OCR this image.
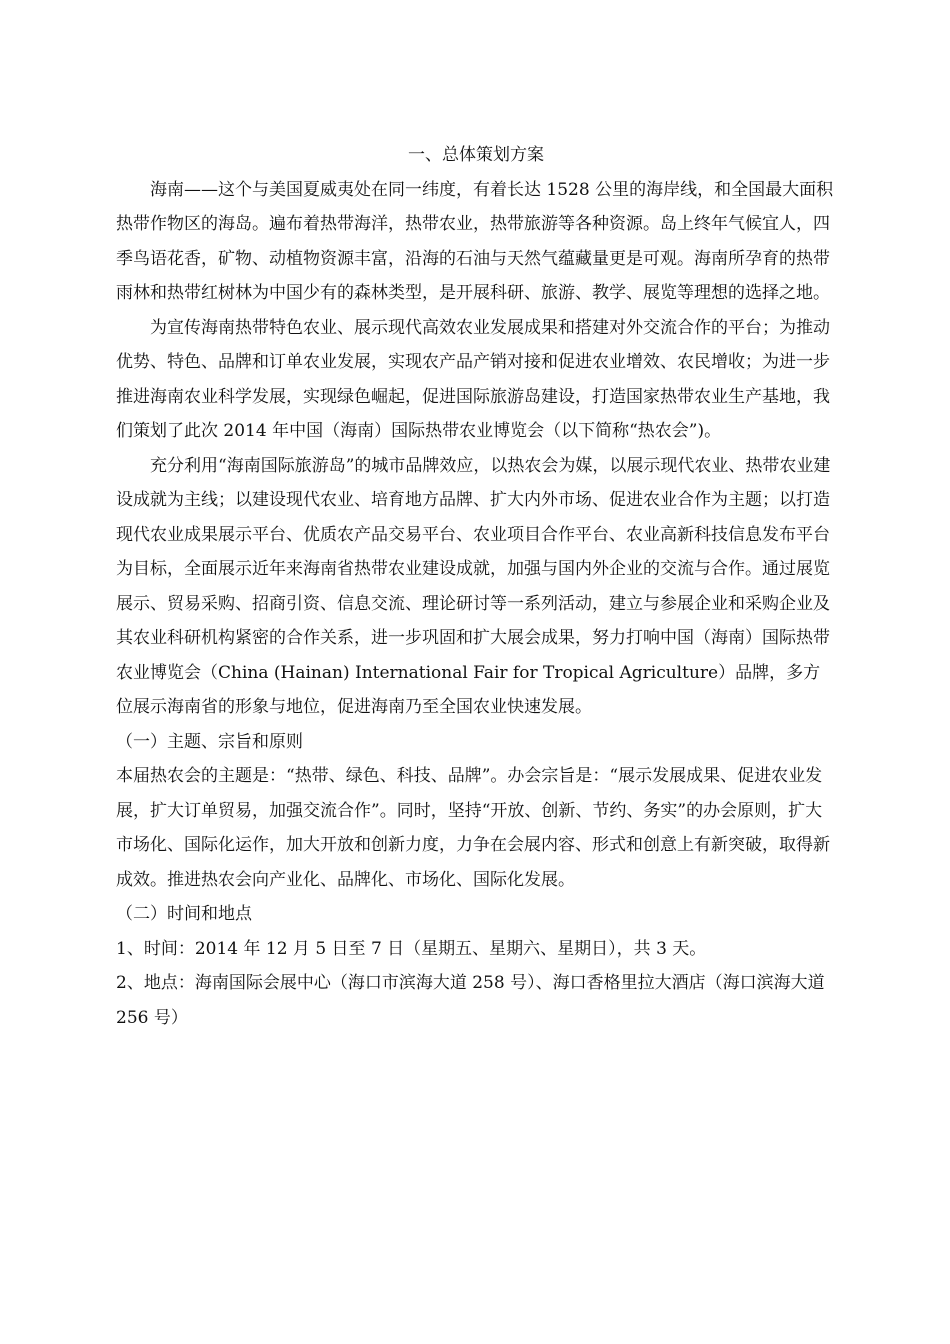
一、总体策划方案

海南——这个与美国夏威夷处在同一纬度，有着长达 1528 公里的海岸线，和全国最大面积热带作物区的海岛。遍布着热带海洋，热带农业，热带旅游等各种资源。岛上终年气候宜人，四季鸟语花香，矿物、动植物资源丰富，沿海的石油与天然气蕴藏量更是可观。海南所孕育的热带雨林和热带红树林为中国少有的森林类型，是开展科研、旅游、教学、展览等理想的选择之地。

为宣传海南热带特色农业、展示现代高效农业发展成果和搭建对外交流合作的平台；为推动优势、特色、品牌和订单农业发展，实现农产品产销对接和促进农业增效、农民增收；为进一步推进海南农业科学发展，实现绿色崛起，促进国际旅游岛建设，打造国家热带农业生产基地，我们策划了此次 2014 年中国（海南）国际热带农业博览会（以下简称“热农会”)。

充分利用“海南国际旅游岛”的城市品牌效应，以热农会为媒，以展示现代农业、热带农业建设成就为主线；以建设现代农业、培育地方品牌、扩大内外市场、促进农业合作为主题；以打造现代农业成果展示平台、优质农产品交易平台、农业项目合作平台、农业高新科技信息发布平台为目标，全面展示近年来海南省热带农业建设成就，加强与国内外企业的交流与合作。通过展览展示、贸易采购、招商引资、信息交流、理论研讨等一系列活动，建立与参展企业和采购企业及其农业科研机构紧密的合作关系，进一步巩固和扩大展会成果，努力打响中国（海南）国际热带农业博览会（China (Hainan) International Fair for Tropical Agriculture）品牌，多方位展示海南省的形象与地位，促进海南乃至全国农业快速发展。

（一）主题、宗旨和原则

本届热农会的主题是：“热带、绿色、科技、品牌”。办会宗旨是：“展示发展成果、促进农业发展，扩大订单贸易，加强交流合作”。同时，坚持“开放、创新、节约、务实”的办会原则，扩大市场化、国际化运作，加大开放和创新力度，力争在会展内容、形式和创意上有新突破，取得新成效。推进热农会向产业化、品牌化、市场化、国际化发展。

（二）时间和地点

1、时间：2014 年 12 月 5 日至 7 日（星期五、星期六、星期日），共 3 天。

2、地点：海南国际会展中心（海口市滨海大道 258 号）、海口香格里拉大酒店（海口滨海大道 256 号）
